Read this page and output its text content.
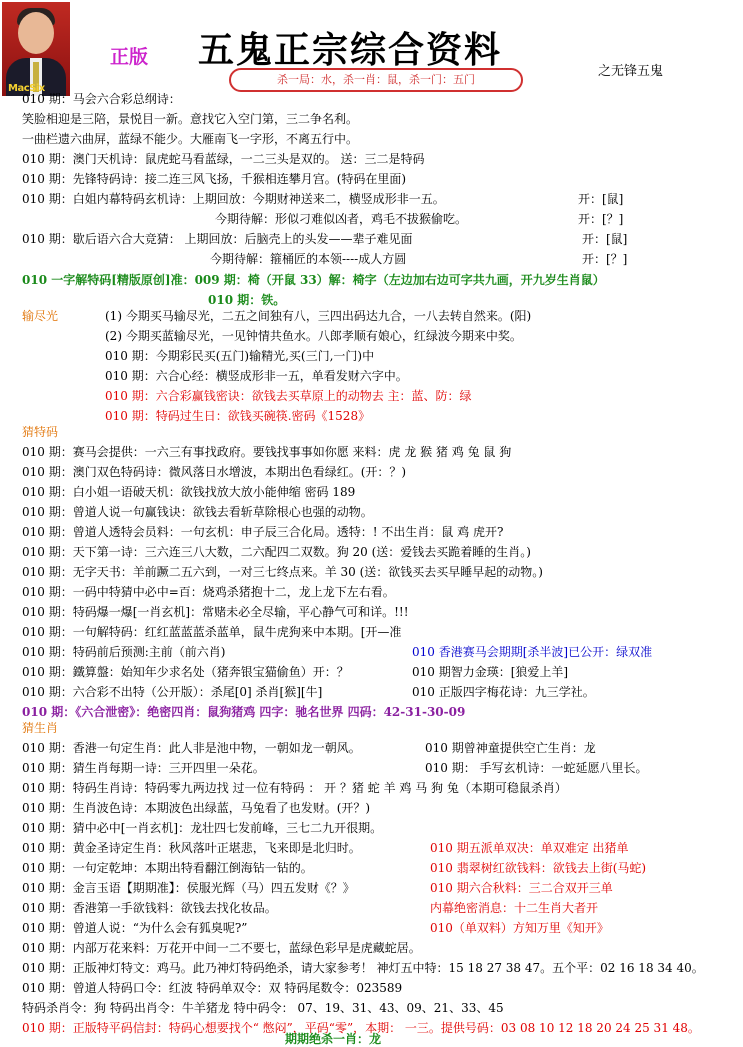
MacSix
正版 五鬼正宗综合资料
杀一局：水，杀一肖：鼠，杀一门：五门
之无锋五鬼
010 期：马会六合彩总纲诗：
笑脸相迎是三陪，景悦目一新。意找它入空门第，三二争名利。
一曲栏遗六曲屏，蓝绿不能少。大雁南飞一字形，不离五行中。
010 期：澳门天机诗：鼠虎蛇马看蓝绿，一二三头是双的。 送：三二是特码
010 期：先锋特码诗：接二连三风飞扬，千猴相连攀月宫。(特码在里面)
010 期：白姐内幕特码玄机诗：上期回放：今期财神送来二，横竖成形非一五。	开：[鼠]
今期待解：形似刁难似凶者，鸡毛不拔猴偷吃。	开：[？]
010 期：歇后语六合大竞猜： 上期回放：后脑壳上的头发——辈子难见面	开：[鼠]
今期待解：箍桶匠的本领----成人方圆	开：[？]
010 一字解特码[精版原创]准：009 期：椅（开鼠 33）解：椅字（左边加右边可字共九画，开九岁生肖鼠）
010 期：铁。
输尽光	(1) 今期买马输尽光，二五之间独有八，三四出码达九合，一八去转自然来。(阳)
(2) 今期买蓝输尽光，一见钟情共鱼水。八郎孝顺有娘心，红绿波今期来中奖。
010 期：今期彩民买(五门)输精光,买(三门,一门)中
010 期：六合心经：横竖成形非一五，单看发财六字中。
010 期：六合彩赢钱密诀：欲钱去买草原上的动物去 主：蓝、防：绿
010 期：特码过生日：欲钱买碗筷.密码《1528》
猜特码
010 期：赛马会提供：一六三有事找政府。要钱找事事如你愿 来料：虎 龙 猴 猪 鸡 兔 鼠 狗
010 期：澳门双色特码诗：微风落日水增波，本期出色看绿红。(开：？)
010 期：白小姐一语破天机：欲钱找放大放小能伸缩 密码 189
010 期：曾道人说一句赢钱诀：欲钱去看斩草除根心也强的动物。
010 期：曾道人透特会员料：一句玄机：申子辰三合化局。透特：! 不出生肖：鼠 鸡 虎开?
010 期：天下第一诗：三六连三八大数，二六配四二双数。狗 20 (送：爱钱去买跪着睡的生肖。)
010 期：无字天书：羊前蹶二五六到，一对三七终点来。羊 30 (送：欲钱买去买早睡早起的动物。)
010 期：一码中特猜中必中=百：烧鸡杀猪抱十二，龙上龙下左右看。
010 期：特码爆一爆[一肖玄机]：常赌未必全尽输，平心静气可和详。!!!
010 期：一句解特码：红红蓝蓝蓝杀蓝单，鼠牛虎狗来中本期。[开—准
010 期：特码前后预测:主前（前六肖)	010 香港赛马会期期[杀半波]已公开：绿双准
010 期：鐵算盤：始知年少求名处（猪奔银宝猫偷鱼）开：？	010 期智力金瑛：[狼爱上羊]
010 期：六合彩不出特（公开版）：杀尾[0] 杀肖[猴][牛]	010 正版四字梅花诗：九三学社。
010 期：《六合泄密》：绝密四肖：鼠狗猪鸡 四字：驰名世界 四码：42-31-30-09
猜生肖
010 期：香港一句定生肖：此人非是池中物，一朝如龙一朝风。	010 期曾神童提供空亡生肖：龙
010 期：猜生肖每期一诗：三开四里一朵花。	010 期： 手写玄机诗：一蛇延愿八里长。
010 期：特码生肖诗：特码零九两边找 过一位有特码 ： 开 ？猪 蛇 羊 鸡 马 狗 兔（本期可稳鼠杀肖）
010 期：生肖波色诗：本期波色出绿蓝，马兔看了也发财。(开？)
010 期：猜中必中[一肖玄机]：龙壮四七发前峰，三七二九开很期。
010 期：黄金圣诗定生肖：秋风落叶正堪悲，飞来即是北归时。	010 期五派单双决：单双难定 出猪单
010 期：一句定乾坤：本期出特看翻江倒海钻一钻的。	010 翡翠树红欲钱料：欲钱去上街(马蛇)
010 期：金言玉语【期期准】：侯服光辉（马）四五发财《？》	010 期六合秋料：三二合双开三单
010 期：香港第一手欲钱料：欲钱去找化妆品。	内幕绝密消息：十二生肖大者开
010 期：曾道人说：“为什么会有狐臭呢?”	010（单双料）方知万里《知开》
010 期：内部万花来料：万花开中间一二不要七，蓝绿色彩早是虎藏蛇居。
010 期：正版神灯特文：鸡马。此乃神灯特码绝杀，请大家参考！ 神灯五中特：15 18 27 38 47。五个平：02 16 18 34 40。
010 期：曾道人特码口令：红波 特码单双令：双 特码尾数令：023589
特码杀肖令：狗 特码出肖令：牛羊猪龙 特中码令： 07、19、31、43、09、21、33、45
010 期：正版特平码信封：特码心想要找个“ 憋闷”，平码“零”，本期： 一三。提供号码：03 08 10 12 18 20 24 25 31 48。
期期绝杀一肖：龙
